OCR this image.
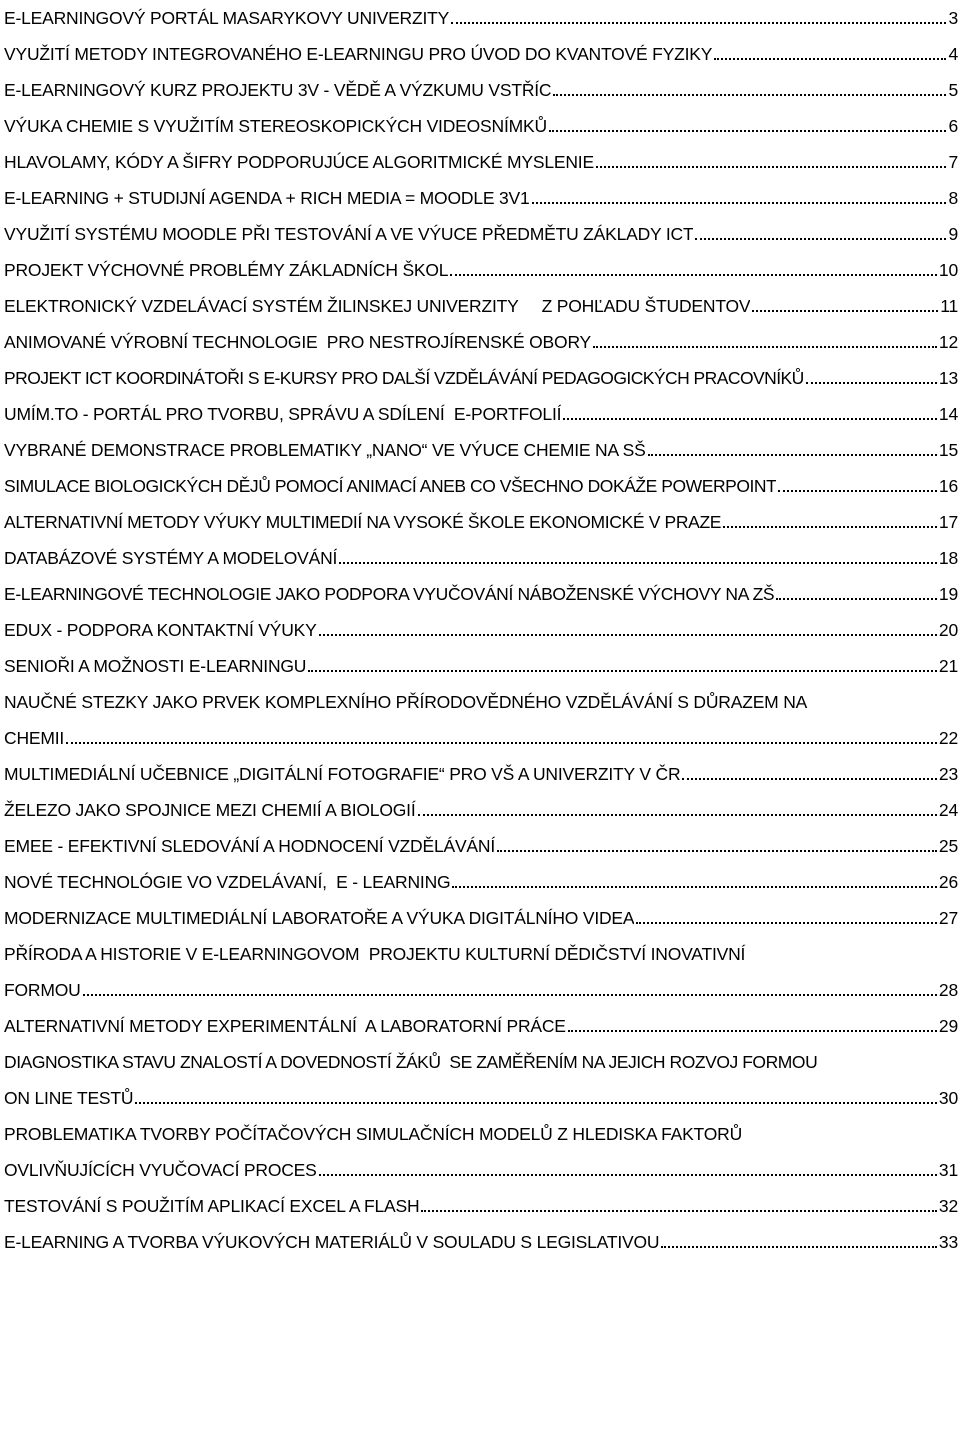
E-LEARNINGOVÝ PORTÁL MASARYKOVY UNIVERZITY	3
VYUŽITÍ METODY INTEGROVANÉHO E-LEARNINGU PRO ÚVOD DO KVANTOVÉ FYZIKY	4
E-LEARNINGOVÝ KURZ PROJEKTU 3V - VĚDĚ A VÝZKUMU VSTŘÍC	5
VÝUKA CHEMIE S VYUŽITÍM STEREOSKOPICKÝCH VIDEOSNÍMKŮ	6
HLAVOLAMY, KÓDY A ŠIFRY PODPORUJÚCE ALGORITMICKÉ MYSLENIE	7
E-LEARNING + STUDIJNÍ AGENDA + RICH MEDIA = MOODLE 3V1	8
VYUŽITÍ SYSTÉMU MOODLE PŘI TESTOVÁNÍ A VE VÝUCE PŘEDMĚTU ZÁKLADY ICT	9
PROJEKT VÝCHOVNÉ PROBLÉMY ZÁKLADNÍCH ŠKOL	10
ELEKTRONICKÝ VZDELÁVACÍ SYSTÉM ŽILINSKEJ UNIVERZITY     Z POHĽADU ŠTUDENTOV	11
ANIMOVANÉ VÝROBNÍ TECHNOLOGIE  PRO NESTROJÍRENSKÉ OBORY	12
PROJEKT ICT KOORDINÁTOŘI S E-KURSY PRO DALŠÍ VZDĚLÁVÁNÍ PEDAGOGICKÝCH PRACOVNÍKŮ	13
UMÍM.TO - PORTÁL PRO TVORBU, SPRÁVU A SDÍLENÍ  E-PORTFOLIÍ	14
VYBRANÉ DEMONSTRACE PROBLEMATIKY „NANO“ VE VÝUCE CHEMIE NA SŠ	15
SIMULACE BIOLOGICKÝCH DĚJŮ POMOCÍ ANIMACÍ ANEB CO VŠECHNO DOKÁŽE POWERPOINT	16
ALTERNATIVNÍ METODY VÝUKY MULTIMEDIÍ NA VYSOKÉ ŠKOLE EKONOMICKÉ V PRAZE	17
DATABÁZOVÉ SYSTÉMY A MODELOVÁNÍ	18
E-LEARNINGOVÉ TECHNOLOGIE JAKO PODPORA VYUČOVÁNÍ NÁBOŽENSKÉ VÝCHOVY NA ZŠ	19
EDUX - PODPORA KONTAKTNÍ VÝUKY	20
SENIOŘI A MOŽNOSTI E-LEARNINGU	21
NAUČNÉ STEZKY JAKO PRVEK KOMPLEXNÍHO PŘÍRODOVĚDNÉHO VZDĚLÁVÁNÍ S DŮRAZEM NA
CHEMII	22
MULTIMEDIÁLNÍ UČEBNICE „DIGITÁLNÍ FOTOGRAFIE“ PRO VŠ A UNIVERZITY V ČR	23
ŽELEZO JAKO SPOJNICE MEZI CHEMIÍ A BIOLOGIÍ	24
EMEE - EFEKTIVNÍ SLEDOVÁNÍ A HODNOCENÍ VZDĚLÁVÁNÍ	25
NOVÉ TECHNOLÓGIE VO VZDELÁVANÍ,  E - LEARNING	26
MODERNIZACE MULTIMEDIÁLNÍ LABORATOŘE A VÝUKA DIGITÁLNÍHO VIDEA	27
PŘÍRODA A HISTORIE V E-LEARNINGOVOM  PROJEKTU KULTURNÍ DĚDIČSTVÍ INOVATIVNÍ
FORMOU	28
ALTERNATIVNÍ METODY EXPERIMENTÁLNÍ  A LABORATORNÍ PRÁCE	29
DIAGNOSTIKA STAVU ZNALOSTÍ A DOVEDNOSTÍ ŽÁKŮ  SE ZAMĚŘENÍM NA JEJICH ROZVOJ FORMOU
ON LINE TESTŮ	30
PROBLEMATIKA TVORBY POČÍTAČOVÝCH SIMULAČNÍCH MODELŮ Z HLEDISKA FAKTORŮ
OVLIVŇUJÍCÍCH VYUČOVACÍ PROCES	31
TESTOVÁNÍ S POUŽITÍM APLIKACÍ EXCEL A FLASH	32
E-LEARNING A TVORBA VÝUKOVÝCH MATERIÁLŮ V SOULADU S LEGISLATIVOU	33
